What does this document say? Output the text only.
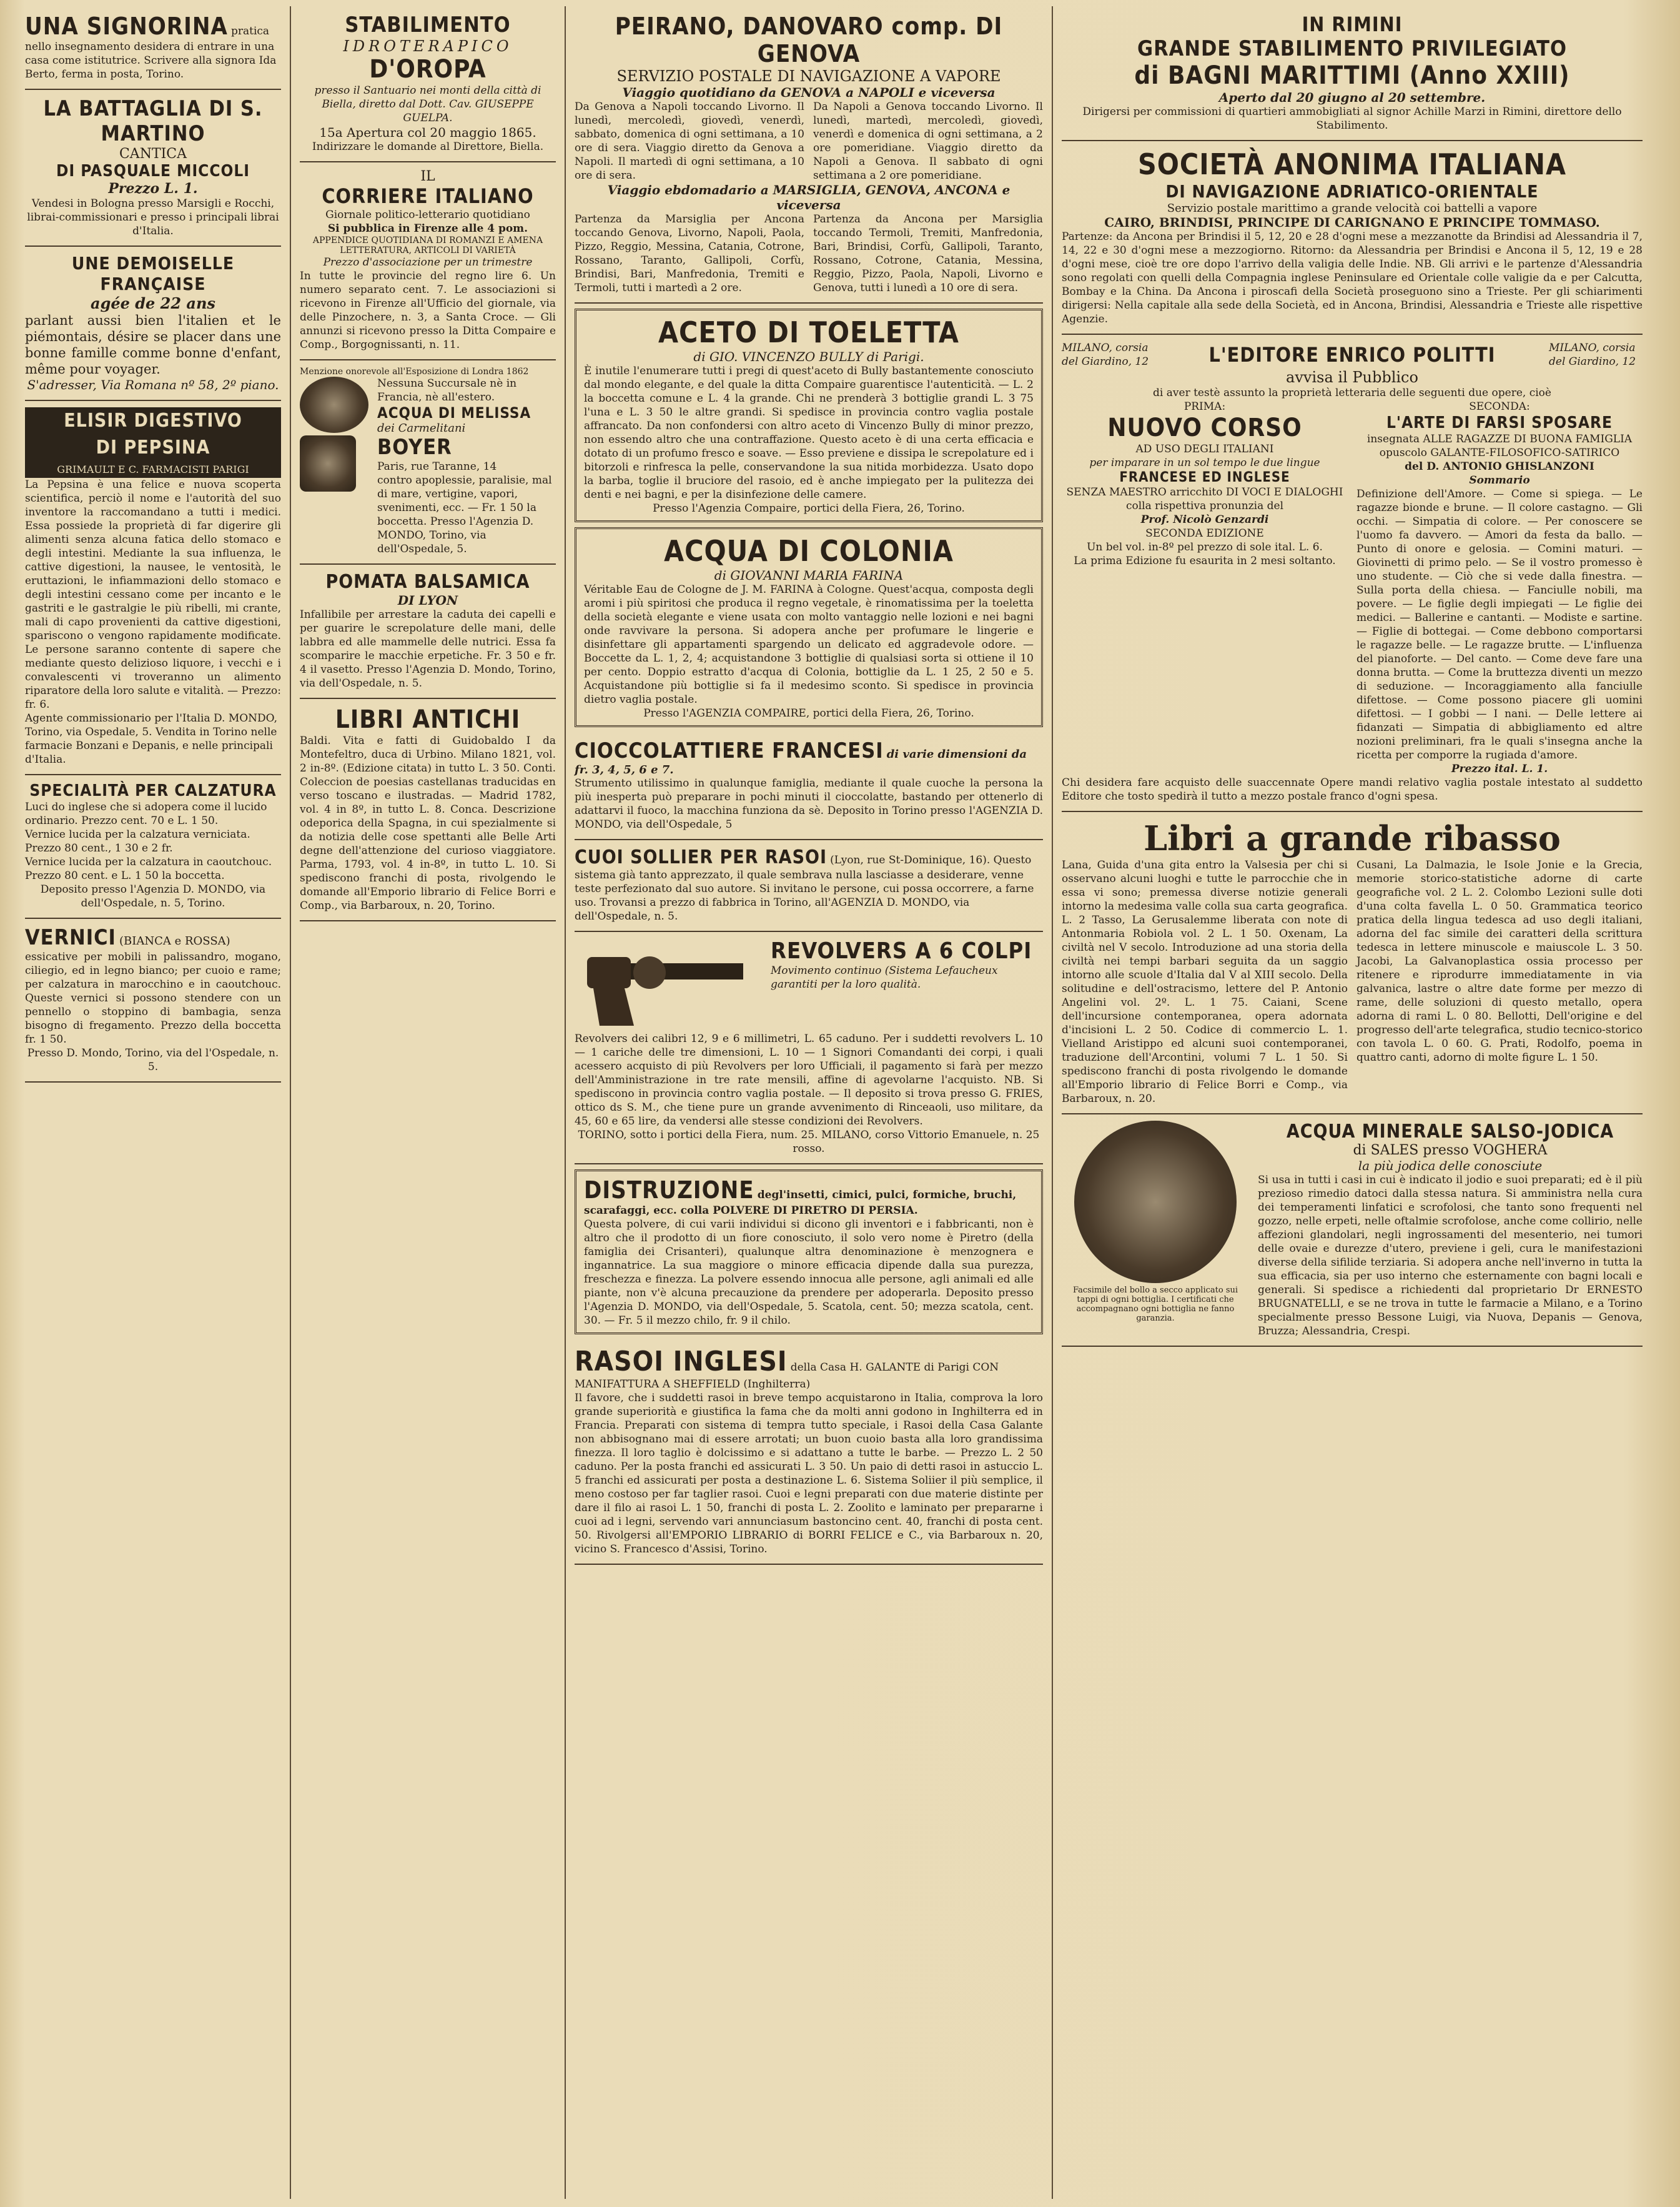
UNA SIGNORINA pratica nello insegnamento desidera di entrare in una casa come istitutrice. Scrivere alla signora Ida Berto, ferma in posta, Torino.
LA BATTAGLIA DI S. MARTINO
CANTICA
DI PASQUALE MICCOLI
Prezzo L. 1.
Vendesi in Bologna presso Marsigli e Rocchi, librai-commissionari e presso i principali librai d'Italia.
UNE DEMOISELLE FRANÇAISE
agée de 22 ans
parlant aussi bien l'italien et le piémontais, désire se placer dans une bonne famille comme bonne d'enfant, même pour voyager.
S'adresser, Via Romana nº 58, 2º piano.
ELISIR DIGESTIVO
DI PEPSINA
GRIMAULT E C. FARMACISTI PARIGI
La Pepsina è una felice e nuova scoperta scientifica, perciò il nome e l'autorità del suo inventore la raccomandano a tutti i medici. Essa possiede la proprietà di far digerire gli alimenti senza alcuna fatica dello stomaco e degli intestini. Mediante la sua influenza, le cattive digestioni, la nausee, le ventosità, le eruttazioni, le infiammazioni dello stomaco e degli intestini cessano come per incanto e le gastriti e le gastralgie le più ribelli, mi crante, mali di capo provenienti da cattive digestioni, spariscono o vengono rapidamente modificate. Le persone saranno contente di sapere che mediante questo delizioso liquore, i vecchi e i convalescenti vi troveranno un alimento riparatore della loro salute e vitalità. — Prezzo: fr. 6.
Agente commissionario per l'Italia D. MONDO, Torino, via Ospedale, 5. Vendita in Torino nelle farmacie Bonzani e Depanis, e nelle principali d'Italia.
SPECIALITÀ PER CALZATURA
Luci do inglese che si adopera come il lucido ordinario. Prezzo cent. 70 e L. 1 50.
Vernice lucida per la calzatura verniciata. Prezzo 80 cent., 1 30 e 2 fr.
Vernice lucida per la calzatura in caoutchouc. Prezzo 80 cent. e L. 1 50 la boccetta.
Deposito presso l'Agenzia D. MONDO, via dell'Ospedale, n. 5, Torino.
VERNICI (BIANCA e ROSSA)
essicative per mobili in palissandro, mogano, ciliegio, ed in legno bianco; per cuoio e rame; per calzatura in marocchino e in caoutchouc. Queste vernici si possono stendere con un pennello o stoppino di bambagia, senza bisogno di fregamento. Prezzo della boccetta fr. 1 50.
Presso D. Mondo, Torino, via del l'Ospedale, n. 5.
STABILIMENTO
IDROTERAPICO
D'OROPA
presso il Santuario nei monti della città di Biella, diretto dal Dott. Cav. GIUSEPPE GUELPA.
15a Apertura col 20 maggio 1865.
Indirizzare le domande al Direttore, Biella.
IL
CORRIERE ITALIANO
Giornale politico-letterario quotidiano
Si pubblica in Firenze alle 4 pom.
APPENDICE QUOTIDIANA DI ROMANZI E AMENA LETTERATURA, ARTICOLI DI VARIETÀ
Prezzo d'associazione per un trimestre
In tutte le provincie del regno lire 6. Un numero separato cent. 7. Le associazioni si ricevono in Firenze all'Ufficio del giornale, via delle Pinzochere, n. 3, a Santa Croce. — Gli annunzi si ricevono presso la Ditta Compaire e Comp., Borgognissanti, n. 11.
Menzione onorevole all'Esposizione di Londra 1862

Nessuna Succursale nè in Francia, nè all'estero.
ACQUA DI MELISSA
dei Carmelitani
BOYER
Paris, rue Taranne, 14
contro apoplessie, paralisie, mal di mare, vertigine, vapori, svenimenti, ecc. — Fr. 1 50 la boccetta. Presso l'Agenzia D. MONDO, Torino, via dell'Ospedale, 5.
POMATA BALSAMICA
DI LYON
Infallibile per arrestare la caduta dei capelli e per guarire le screpolature delle mani, delle labbra ed alle mammelle delle nutrici. Essa fa scomparire le macchie erpetiche. Fr. 3 50 e fr. 4 il vasetto. Presso l'Agenzia D. Mondo, Torino, via dell'Ospedale, n. 5.
LIBRI ANTICHI
Baldi. Vita e fatti di Guidobaldo I da Montefeltro, duca di Urbino. Milano 1821, vol. 2 in-8º. (Edizione citata) in tutto L. 3 50. Conti. Coleccion de poesias castellanas traducidas en verso toscano e ilustradas. — Madrid 1782, vol. 4 in 8º, in tutto L. 8. Conca. Descrizione odeporica della Spagna, in cui spezialmente si da notizia delle cose spettanti alle Belle Arti degne dell'attenzione del curioso viaggiatore. Parma, 1793, vol. 4 in-8º, in tutto L. 10. Si spediscono franchi di posta, rivolgendo le domande all'Emporio librario di Felice Borri e Comp., via Barbaroux, n. 20, Torino.
PEIRANO, DANOVARO comp. DI GENOVA
SERVIZIO POSTALE DI NAVIGAZIONE A VAPORE
Viaggio quotidiano da GENOVA a NAPOLI e viceversa
Da Genova a Napoli toccando Livorno. Il lunedì, mercoledì, giovedì, venerdì, sabbato, domenica di ogni settimana, a 10 ore di sera. Viaggio diretto da Genova a Napoli. Il martedì di ogni settimana, a 10 ore di sera.
Da Napoli a Genova toccando Livorno. Il lunedì, martedì, mercoledì, giovedì, venerdì e domenica di ogni settimana, a 2 ore pomeridiane. Viaggio diretto da Napoli a Genova. Il sabbato di ogni settimana a 2 ore pomeridiane.
Viaggio ebdomadario a MARSIGLIA, GENOVA, ANCONA e viceversa
Partenza da Marsiglia per Ancona toccando Genova, Livorno, Napoli, Paola, Pizzo, Reggio, Messina, Catania, Cotrone, Rossano, Taranto, Gallipoli, Corfù, Brindisi, Bari, Manfredonia, Tremiti e Termoli, tutti i martedì a 2 ore.
Partenza da Ancona per Marsiglia toccando Termoli, Tremiti, Manfredonia, Bari, Brindisi, Corfù, Gallipoli, Taranto, Rossano, Cotrone, Catania, Messina, Reggio, Pizzo, Paola, Napoli, Livorno e Genova, tutti i lunedì a 10 ore di sera.
ACETO DI TOELETTA
di GIO. VINCENZO BULLY di Parigi.
È inutile l'enumerare tutti i pregi di quest'aceto di Bully bastantemente conosciuto dal mondo elegante, e del quale la ditta Compaire guarentisce l'autenticità. — L. 2 la boccetta comune e L. 4 la grande. Chi ne prenderà 3 bottiglie grandi L. 3 75 l'una e L. 3 50 le altre grandi. Si spedisce in provincia contro vaglia postale affrancato. Da non confondersi con altro aceto di Vincenzo Bully di minor prezzo, non essendo altro che una contraffazione. Questo aceto è di una certa efficacia e dotato di un profumo fresco e soave. — Esso previene e dissipa le screpolature ed i bitorzoli e rinfresca la pelle, conservandone la sua nitida morbidezza. Usato dopo la barba, toglie il bruciore del rasoio, ed è anche impiegato per la pulitezza dei denti e nei bagni, e per la disinfezione delle camere.
Presso l'Agenzia Compaire, portici della Fiera, 26, Torino.
ACQUA DI COLONIA
di GIOVANNI MARIA FARINA
Véritable Eau de Cologne de J. M. FARINA à Cologne. Quest'acqua, composta degli aromi i più spiritosi che produca il regno vegetale, è rinomatissima per la toeletta della società elegante e viene usata con molto vantaggio nelle lozioni e nei bagni onde ravvivare la persona. Si adopera anche per profumare le lingerie e disinfettare gli appartamenti spargendo un delicato ed aggradevole odore. — Boccette da L. 1, 2, 4; acquistandone 3 bottiglie di qualsiasi sorta si ottiene il 10 per cento. Doppio estratto d'acqua di Colonia, bottiglie da L. 1 25, 2 50 e 5. Acquistandone più bottiglie si fa il medesimo sconto. Si spedisce in provincia dietro vaglia postale.
Presso l'AGENZIA COMPAIRE, portici della Fiera, 26, Torino.
CIOCCOLATTIERE FRANCESI di varie dimensioni da fr. 3, 4, 5, 6 e 7.
Strumento utilissimo in qualunque famiglia, mediante il quale cuoche la persona la più inesperta può preparare in pochi minuti il cioccolatte, bastando per ottenerlo di adattarvi il fuoco, la macchina funziona da sè. Deposito in Torino presso l'AGENZIA D. MONDO, via dell'Ospedale, 5
CUOI SOLLIER PER RASOI (Lyon, rue St-Dominique, 16). Questo sistema già tanto apprezzato, il quale sembrava nulla lasciasse a desiderare, venne teste perfezionato dal suo autore. Si invitano le persone, cui possa occorrere, a farne uso. Trovansi a prezzo di fabbrica in Torino, all'AGENZIA D. MONDO, via dell'Ospedale, n. 5.
REVOLVERS A 6 COLPI
Movimento continuo (Sistema Lefaucheux garantiti per la loro qualità.
Revolvers dei calibri 12, 9 e 6 millimetri, L. 65 caduno. Per i suddetti revolvers L. 10 — 1 cariche delle tre dimensioni, L. 10 — 1 Signori Comandanti dei corpi, i quali acessero acquisto di più Revolvers per loro Ufficiali, il pagamento si farà per mezzo dell'Amministrazione in tre rate mensili, affine di agevolarne l'acquisto. NB. Si spediscono in provincia contro vaglia postale. — Il deposito si trova presso G. FRIES, ottico ds S. M., che tiene pure un grande avvenimento di Rinceaoli, uso militare, da 45, 60 e 65 lire, da vendersi alle stesse condizioni dei Revolvers.
TORINO, sotto i portici della Fiera, num. 25. MILANO, corso Vittorio Emanuele, n. 25 rosso.
DISTRUZIONE degl'insetti, cimici, pulci, formiche, bruchi, scarafaggi, ecc. colla POLVERE DI PIRETRO DI PERSIA.
Questa polvere, di cui varii individui si dicono gli inventori e i fabbricanti, non è altro che il prodotto di un fiore conosciuto, il solo vero nome è Piretro (della famiglia dei Crisanteri), qualunque altra denominazione è menzognera e ingannatrice. La sua maggiore o minore efficacia dipende dalla sua purezza, freschezza e finezza. La polvere essendo innocua alle persone, agli animali ed alle piante, non v'è alcuna precauzione da prendere per adoperarla. Deposito presso l'Agenzia D. MONDO, via dell'Ospedale, 5. Scatola, cent. 50; mezza scatola, cent. 30. — Fr. 5 il mezzo chilo, fr. 9 il chilo.
RASOI INGLESI della Casa H. GALANTE di Parigi CON MANIFATTURA A SHEFFIELD (Inghilterra)
Il favore, che i suddetti rasoi in breve tempo acquistarono in Italia, comprova la loro grande superiorità e giustifica la fama che da molti anni godono in Inghilterra ed in Francia. Preparati con sistema di tempra tutto speciale, i Rasoi della Casa Galante non abbisognano mai di essere arrotati; un buon cuoio basta alla loro grandissima finezza. Il loro taglio è dolcissimo e si adattano a tutte le barbe. — Prezzo L. 2 50 caduno. Per la posta franchi ed assicurati L. 3 50. Un paio di detti rasoi in astuccio L. 5 franchi ed assicurati per posta a destinazione L. 6. Sistema Soliier il più semplice, il meno costoso per far taglier rasoi. Cuoi e legni preparati con due materie distinte per dare il filo ai rasoi L. 1 50, franchi di posta L. 2. Zoolito e laminato per prepararne i cuoi ad i legni, servendo vari annunciasum bastoncino cent. 40, franchi di posta cent. 50. Rivolgersi all'EMPORIO LIBRARIO di BORRI FELICE e C., via Barbaroux n. 20, vicino S. Francesco d'Assisi, Torino.
IN RIMINI
GRANDE STABILIMENTO PRIVILEGIATO
di BAGNI MARITTIMI (Anno XXIII)
Aperto dal 20 giugno al 20 settembre.
Dirigersi per commissioni di quartieri ammobigliati al signor Achille Marzi in Rimini, direttore dello Stabilimento.
SOCIETÀ ANONIMA ITALIANA
DI NAVIGAZIONE ADRIATICO-ORIENTALE
Servizio postale marittimo a grande velocità coi battelli a vapore
CAIRO, BRINDISI, PRINCIPE DI CARIGNANO E PRINCIPE TOMMASO.
Partenze: da Ancona per Brindisi il 5, 12, 20 e 28 d'ogni mese a mezzanotte da Brindisi ad Alessandria il 7, 14, 22 e 30 d'ogni mese a mezzogiorno. Ritorno: da Alessandria per Brindisi e Ancona il 5, 12, 19 e 28 d'ogni mese, cioè tre ore dopo l'arrivo della valigia delle Indie. NB. Gli arrivi e le partenze d'Alessandria sono regolati con quelli della Compagnia inglese Peninsulare ed Orientale colle valigie da e per Calcutta, Bombay e la China. Da Ancona i piroscafi della Società proseguono sino a Trieste. Per gli schiarimenti dirigersi: Nella capitale alla sede della Società, ed in Ancona, Brindisi, Alessandria e Trieste alle rispettive Agenzie.
MILANO, corsia del Giardino, 12	L'EDITORE ENRICO POLITTI	MILANO, corsia del Giardino, 12
avvisa il Pubblico
di aver testè assunto la proprietà letteraria delle seguenti due opere, cioè
PRIMA:
NUOVO CORSO
AD USO DEGLI ITALIANI
per imparare in un sol tempo le due lingue
FRANCESE ED INGLESE
SENZA MAESTRO arricchito DI VOCI E DIALOGHI colla rispettiva pronunzia del
Prof. Nicolò Genzardi
SECONDA EDIZIONE
Un bel vol. in-8º pel prezzo di sole ital. L. 6.
La prima Edizione fu esaurita in 2 mesi soltanto.
SECONDA:
L'ARTE DI FARSI SPOSARE
insegnata ALLE RAGAZZE DI BUONA FAMIGLIA opuscolo GALANTE-FILOSOFICO-SATIRICO
del D. ANTONIO GHISLANZONI
Sommario
Definizione dell'Amore. — Come si spiega. — Le ragazze bionde e brune. — Il colore castagno. — Gli occhi. — Simpatia di colore. — Per conoscere se l'uomo fa davvero. — Amori da festa da ballo. — Punto di onore e gelosia. — Comini maturi. — Giovinetti di primo pelo. — Se il vostro promesso è uno studente. — Ciò che si vede dalla finestra. — Sulla porta della chiesa. — Fanciulle nobili, ma povere. — Le figlie degli impiegati — Le figlie dei medici. — Ballerine e cantanti. — Modiste e sartine. — Figlie di bottegai. — Come debbono comportarsi le ragazze belle. — Le ragazze brutte. — L'influenza del pianoforte. — Del canto. — Come deve fare una donna brutta. — Come la bruttezza diventi un mezzo di seduzione. — Incoraggiamento alla fanciulle difettose. — Come possono piacere gli uomini difettosi. — I gobbi — I nani. — Delle lettere ai fidanzati — Simpatia di abbigliamento ed altre nozioni preliminari, fra le quali s'insegna anche la ricetta per comporre la rugiada d'amore.
Prezzo ital. L. 1.
Chi desidera fare acquisto delle suaccennate Opere mandi relativo vaglia postale intestato al suddetto Editore che tosto spedirà il tutto a mezzo postale franco d'ogni spesa.
Libri a grande ribasso
Lana, Guida d'una gita entro la Valsesia per chi si osservano alcuni luoghi e tutte le parrocchie che in essa vi sono; premessa diverse notizie generali intorno la medesima valle colla sua carta geografica. L. 2 Tasso, La Gerusalemme liberata con note di Antonmaria Robiola vol. 2 L. 1 50. Oxenam, La civiltà nel V secolo. Introduzione ad una storia della civiltà nei tempi barbari seguita da un saggio intorno alle scuole d'Italia dal V al XIII secolo. Della solitudine e dell'ostracismo, lettere del P. Antonio Angelini vol. 2º. L. 1 75. Caiani, Scene dell'incursione contemporanea, opera adornata d'incisioni L. 2 50. Codice di commercio L. 1. Vielland Aristippo ed alcuni suoi contemporanei, traduzione dell'Arcontini, volumi 7 L. 1 50. Si spediscono franchi di posta rivolgendo le domande all'Emporio librario di Felice Borri e Comp., via Barbaroux, n. 20.
Cusani, La Dalmazia, le Isole Jonie e la Grecia, memorie storico-statistiche adorne di carte geografiche vol. 2 L. 2. Colombo Lezioni sulle doti d'una colta favella L. 0 50. Grammatica teorico pratica della lingua tedesca ad uso degli italiani, adorna del fac simile dei caratteri della scrittura tedesca in lettere minuscole e maiuscole L. 3 50. Jacobi, La Galvanoplastica ossia processo per ritenere e riprodurre immediatamente in via galvanica, lastre o altre date forme per mezzo di rame, delle soluzioni di questo metallo, opera adorna di rami L. 0 80. Bellotti, Dell'origine e del progresso dell'arte telegrafica, studio tecnico-storico con tavola L. 0 60. G. Prati, Rodolfo, poema in quattro canti, adorno di molte figure L. 1 50.
Facsimile del bollo a secco applicato sui tappi di ogni bottiglia. I certificati che accompagnano ogni bottiglia ne fanno garanzia.
ACQUA MINERALE SALSO-JODICA
di SALES presso VOGHERA
la più jodica delle conosciute
Si usa in tutti i casi in cui è indicato il jodio e suoi preparati; ed è il più prezioso rimedio datoci dalla stessa natura. Si amministra nella cura dei temperamenti linfatici e scrofolosi, che tanto sono frequenti nel gozzo, nelle erpeti, nelle oftalmie scrofolose, anche come collirio, nelle affezioni glandolari, negli ingrossamenti del mesenterio, nei tumori delle ovaie e durezze d'utero, previene i geli, cura le manifestazioni diverse della sifilide terziaria. Si adopera anche nell'inverno in tutta la sua efficacia, sia per uso interno che esternamente con bagni locali e generali. Si spedisce a richiedenti dal proprietario Dr ERNESTO BRUGNATELLI, e se ne trova in tutte le farmacie a Milano, e a Torino specialmente presso Bessone Luigi, via Nuova, Depanis — Genova, Bruzza; Alessandria, Crespi.
